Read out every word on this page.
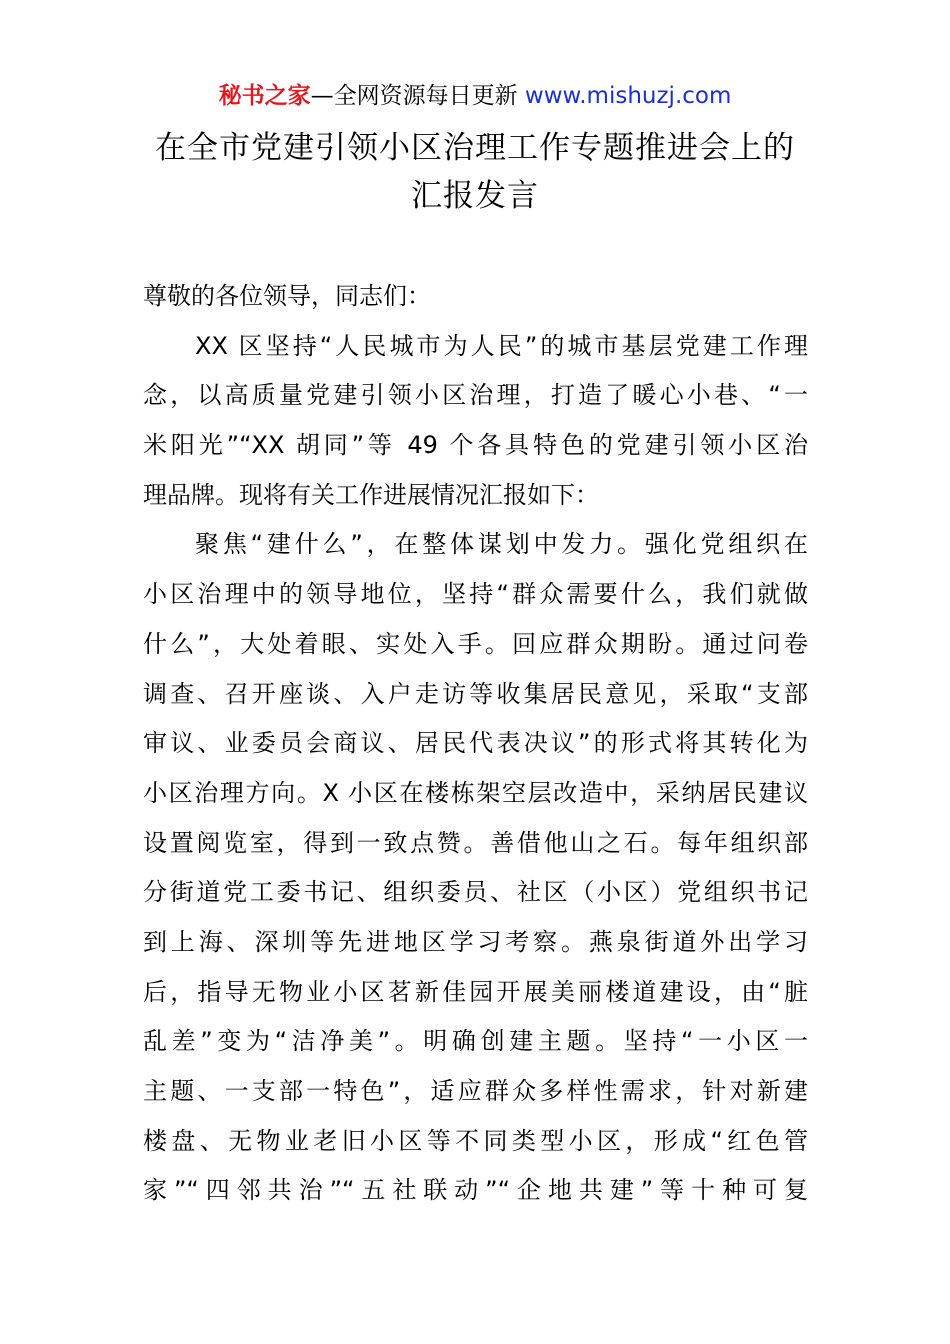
秘书之家—全网资源每日更新 www.mishuzj.com
在全市党建引领小区治理工作专题推进会上的
汇报发言
尊敬的各位领导，同志们：
XX 区坚持“人民城市为人民”的城市基层党建工作理
念，以高质量党建引领小区治理，打造了暖心小巷、“一
米阳光”“XX 胡同”等 49 个各具特色的党建引领小区治
理品牌。现将有关工作进展情况汇报如下：
聚焦“建什么”，在整体谋划中发力。强化党组织在
小区治理中的领导地位，坚持“群众需要什么，我们就做
什么”，大处着眼、实处入手。回应群众期盼。通过问卷
调查、召开座谈、入户走访等收集居民意见，采取“支部
审议、业委员会商议、居民代表决议”的形式将其转化为
小区治理方向。X 小区在楼栋架空层改造中，采纳居民建议
设置阅览室，得到一致点赞。善借他山之石。每年组织部
分街道党工委书记、组织委员、社区（小区）党组织书记
到上海、深圳等先进地区学习考察。燕泉街道外出学习
后，指导无物业小区茗新佳园开展美丽楼道建设，由“脏
乱差”变为“洁净美”。明确创建主题。坚持“一小区一
主题、一支部一特色”，适应群众多样性需求，针对新建
楼盘、无物业老旧小区等不同类型小区，形成“红色管
家”“四邻共治”“五社联动”“企地共建”等十种可复
